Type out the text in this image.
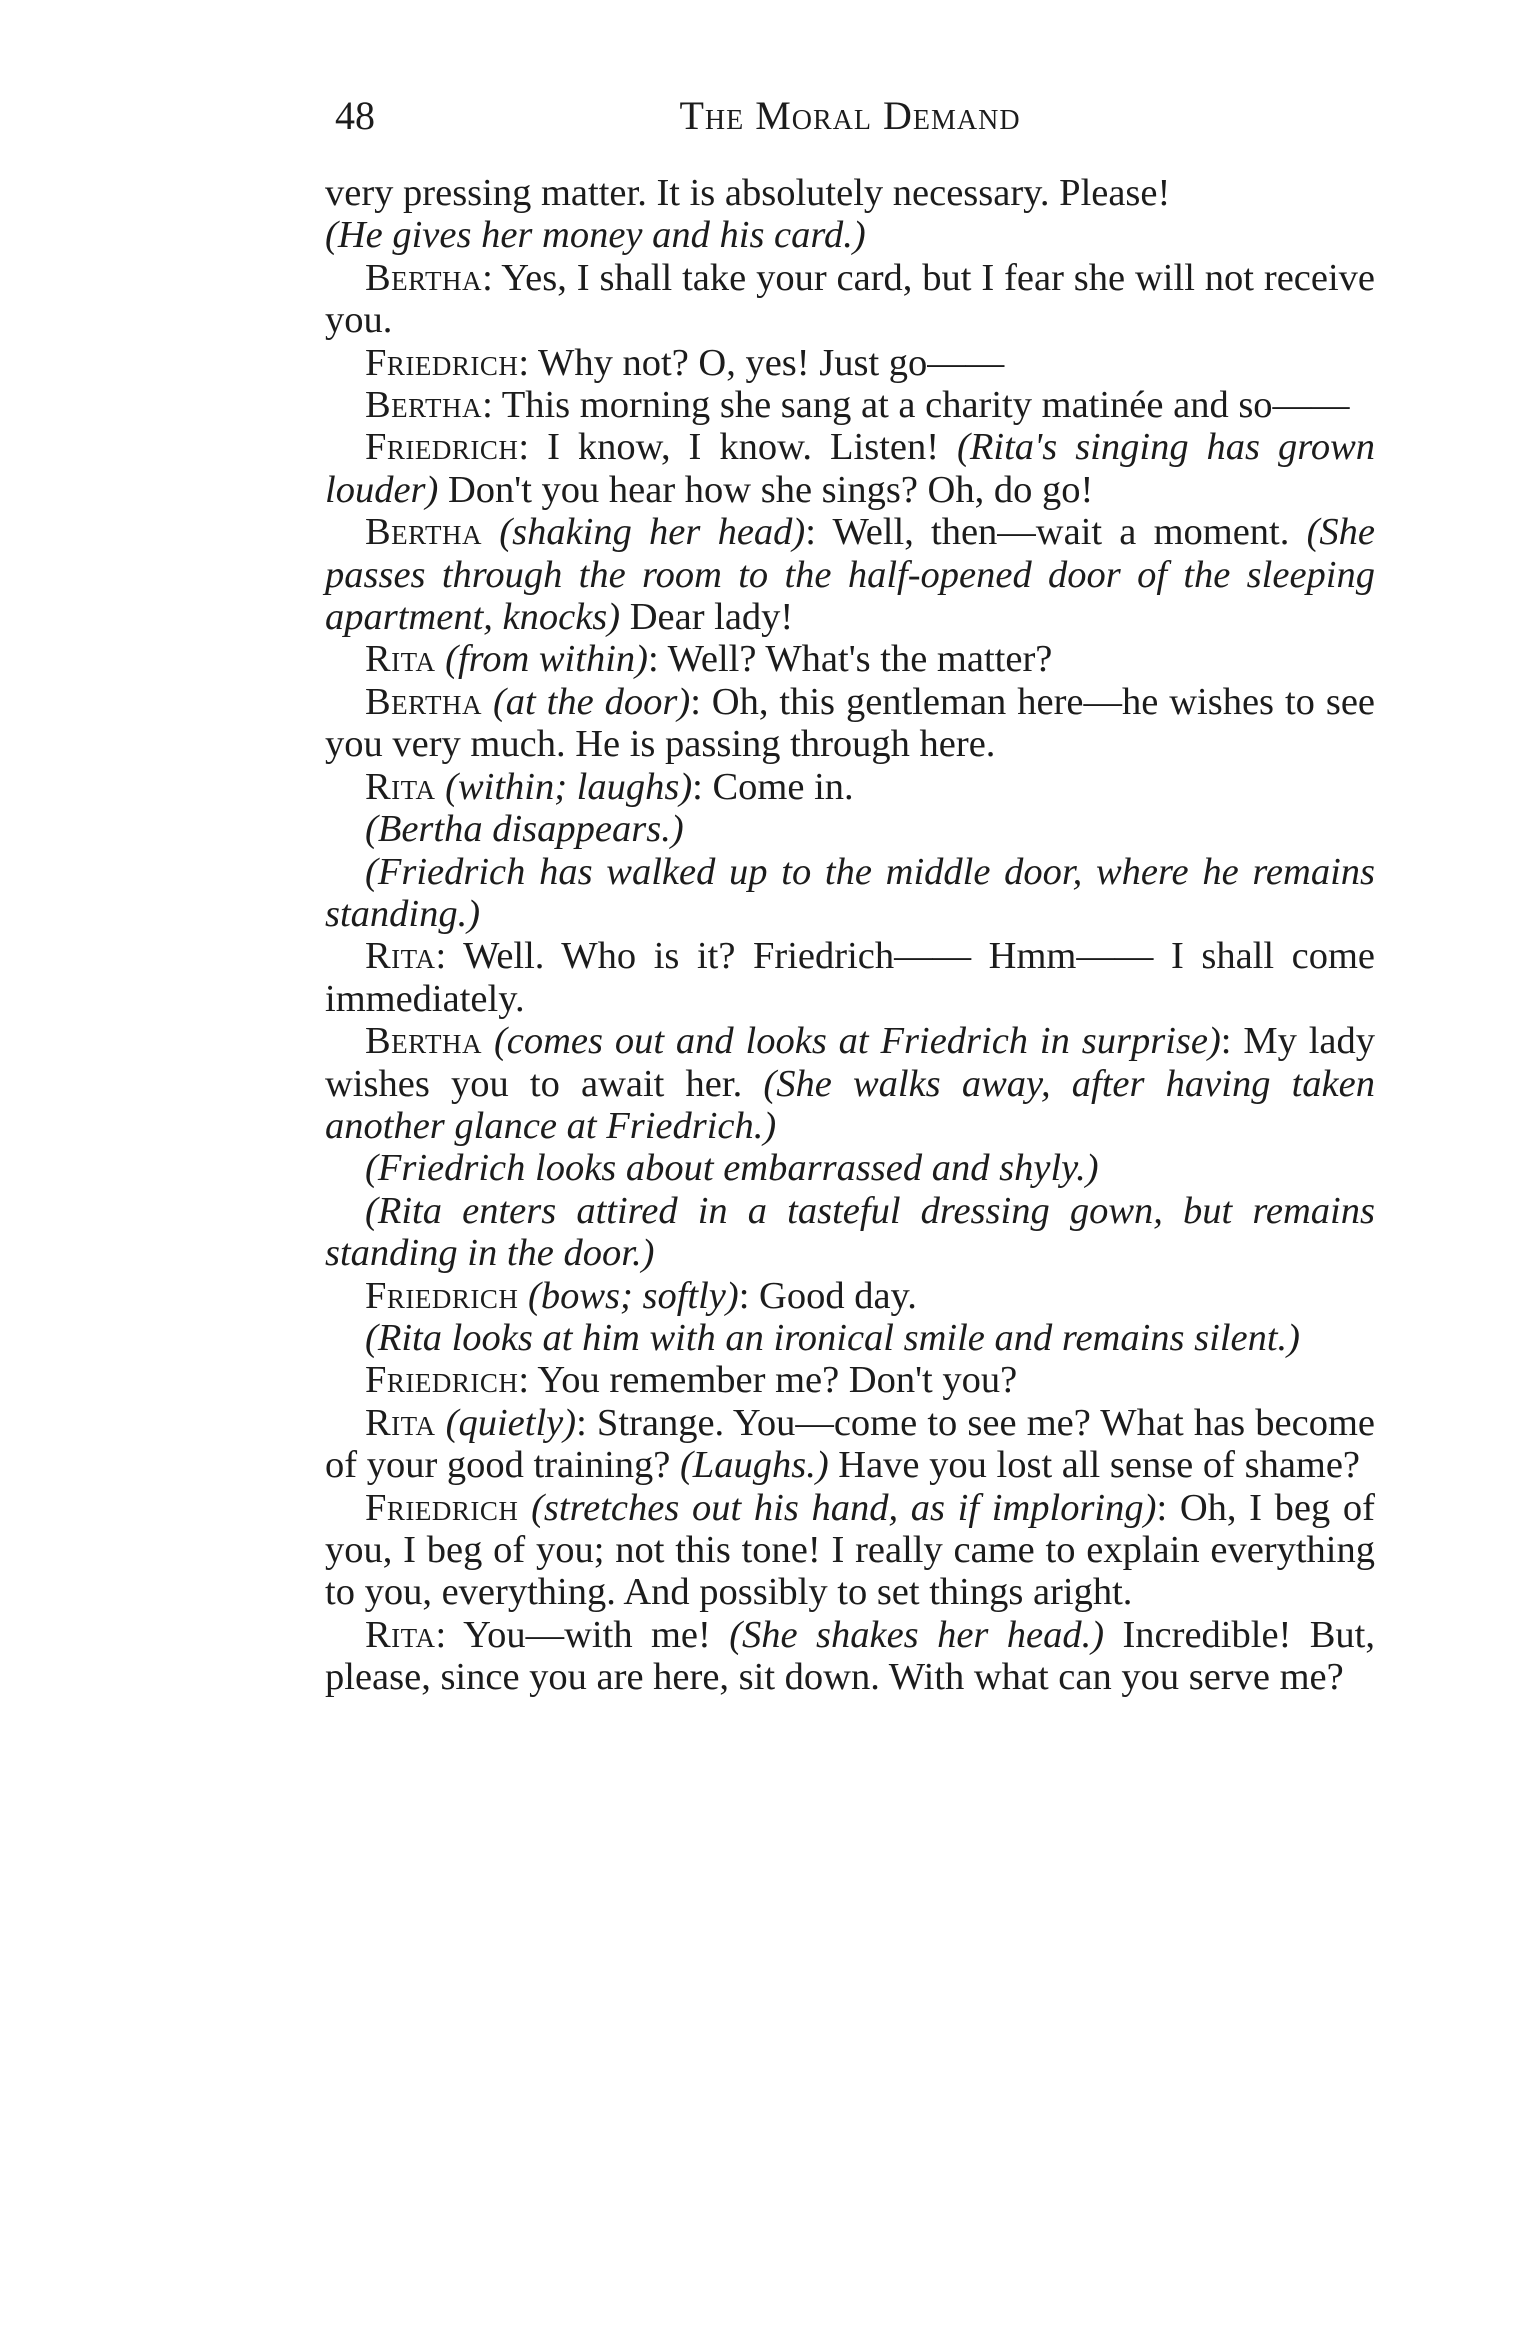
48	The Moral Demand

very pressing matter. It is absolutely necessary. Please!

(He gives her money and his card.)

Bertha: Yes, I shall take your card, but I fear she will not receive you.

Friedrich: Why not? O, yes! Just go——

Bertha: This morning she sang at a charity matinée and so——

Friedrich: I know, I know. Listen! (Rita's singing has grown louder) Don't you hear how she sings? Oh, do go!

Bertha (shaking her head): Well, then—wait a moment. (She passes through the room to the half-opened door of the sleeping apartment, knocks) Dear lady!

Rita (from within): Well? What's the matter?

Bertha (at the door): Oh, this gentleman here—he wishes to see you very much. He is passing through here.

Rita (within; laughs): Come in.

(Bertha disappears.)

(Friedrich has walked up to the middle door, where he remains standing.)

Rita: Well. Who is it? Friedrich—— Hmm—— I shall come immediately.

Bertha (comes out and looks at Friedrich in surprise): My lady wishes you to await her. (She walks away, after having taken another glance at Friedrich.)

(Friedrich looks about embarrassed and shyly.)

(Rita enters attired in a tasteful dressing gown, but remains standing in the door.)

Friedrich (bows; softly): Good day.

(Rita looks at him with an ironical smile and remains silent.)

Friedrich: You remember me? Don't you?

Rita (quietly): Strange. You—come to see me? What has become of your good training? (Laughs.) Have you lost all sense of shame?

Friedrich (stretches out his hand, as if imploring): Oh, I beg of you, I beg of you; not this tone! I really came to explain everything to you, everything. And possibly to set things aright.

Rita: You—with me! (She shakes her head.) Incredible! But, please, since you are here, sit down. With what can you serve me?
